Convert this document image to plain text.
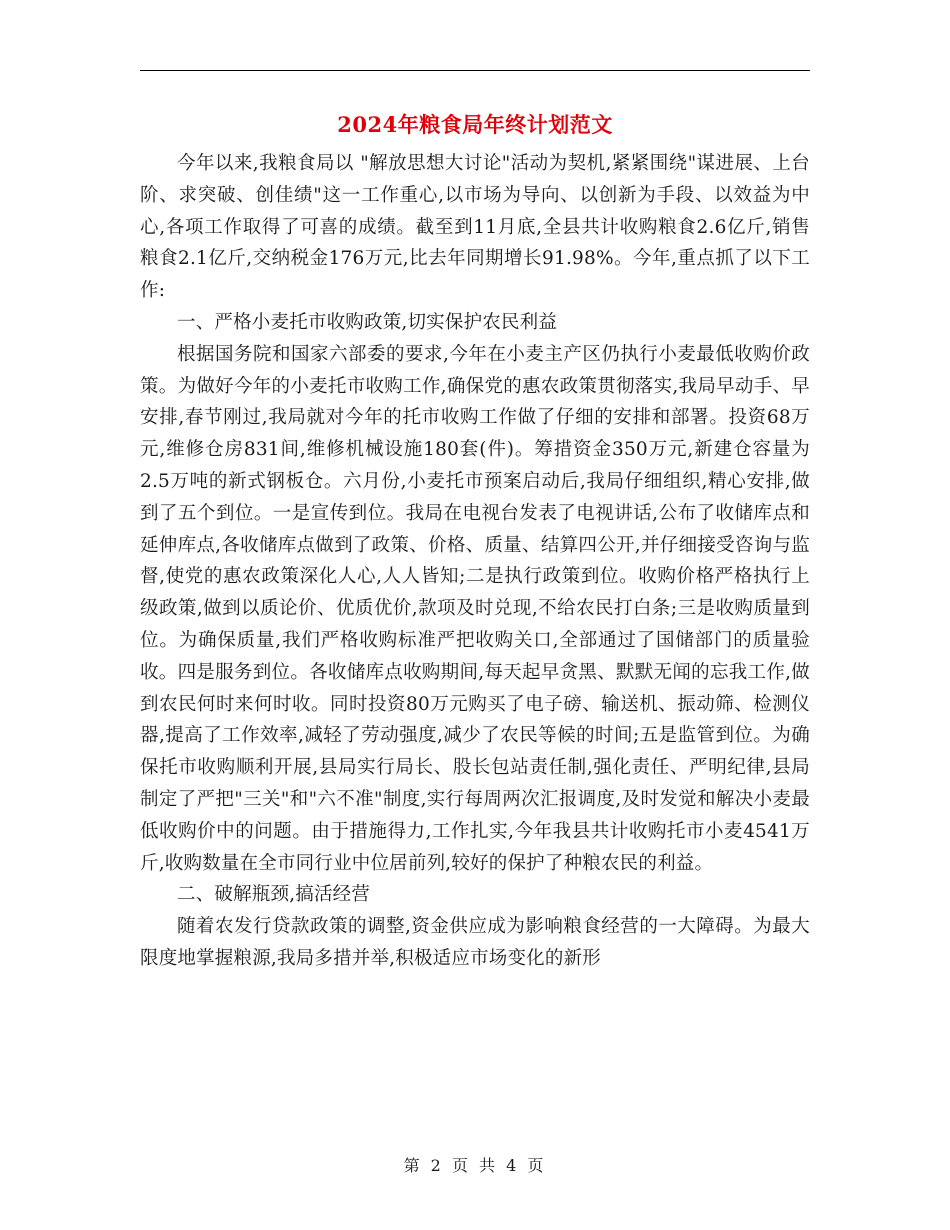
2024年粮食局年终计划范文

今年以来,我粮食局以 "解放思想大讨论"活动为契机,紧紧围绕"谋进展、上台阶、求突破、创佳绩"这一工作重心,以市场为导向、以创新为手段、以效益为中心,各项工作取得了可喜的成绩。截至到11月底,全县共计收购粮食2.6亿斤,销售粮食2.1亿斤,交纳税金176万元,比去年同期增长91.98%。今年,重点抓了以下工作:

一、严格小麦托市收购政策,切实保护农民利益

根据国务院和国家六部委的要求,今年在小麦主产区仍执行小麦最低收购价政策。为做好今年的小麦托市收购工作,确保党的惠农政策贯彻落实,我局早动手、早安排,春节刚过,我局就对今年的托市收购工作做了仔细的安排和部署。投资68万元,维修仓房831间,维修机械设施180套(件)。筹措资金350万元,新建仓容量为2.5万吨的新式钢板仓。六月份,小麦托市预案启动后,我局仔细组织,精心安排,做到了五个到位。一是宣传到位。我局在电视台发表了电视讲话,公布了收储库点和延伸库点,各收储库点做到了政策、价格、质量、结算四公开,并仔细接受咨询与监督,使党的惠农政策深化人心,人人皆知;二是执行政策到位。收购价格严格执行上级政策,做到以质论价、优质优价,款项及时兑现,不给农民打白条;三是收购质量到位。为确保质量,我们严格收购标准严把收购关口,全部通过了国储部门的质量验收。四是服务到位。各收储库点收购期间,每天起早贪黑、默默无闻的忘我工作,做到农民何时来何时收。同时投资80万元购买了电子磅、输送机、振动筛、检测仪器,提高了工作效率,减轻了劳动强度,减少了农民等候的时间;五是监管到位。为确保托市收购顺利开展,县局实行局长、股长包站责任制,强化责任、严明纪律,县局制定了严把"三关"和"六不准"制度,实行每周两次汇报调度,及时发觉和解决小麦最低收购价中的问题。由于措施得力,工作扎实,今年我县共计收购托市小麦4541万斤,收购数量在全市同行业中位居前列,较好的保护了种粮农民的利益。

二、破解瓶颈,搞活经营

随着农发行贷款政策的调整,资金供应成为影响粮食经营的一大障碍。为最大限度地掌握粮源,我局多措并举,积极适应市场变化的新形

第 2 页 共 4 页
